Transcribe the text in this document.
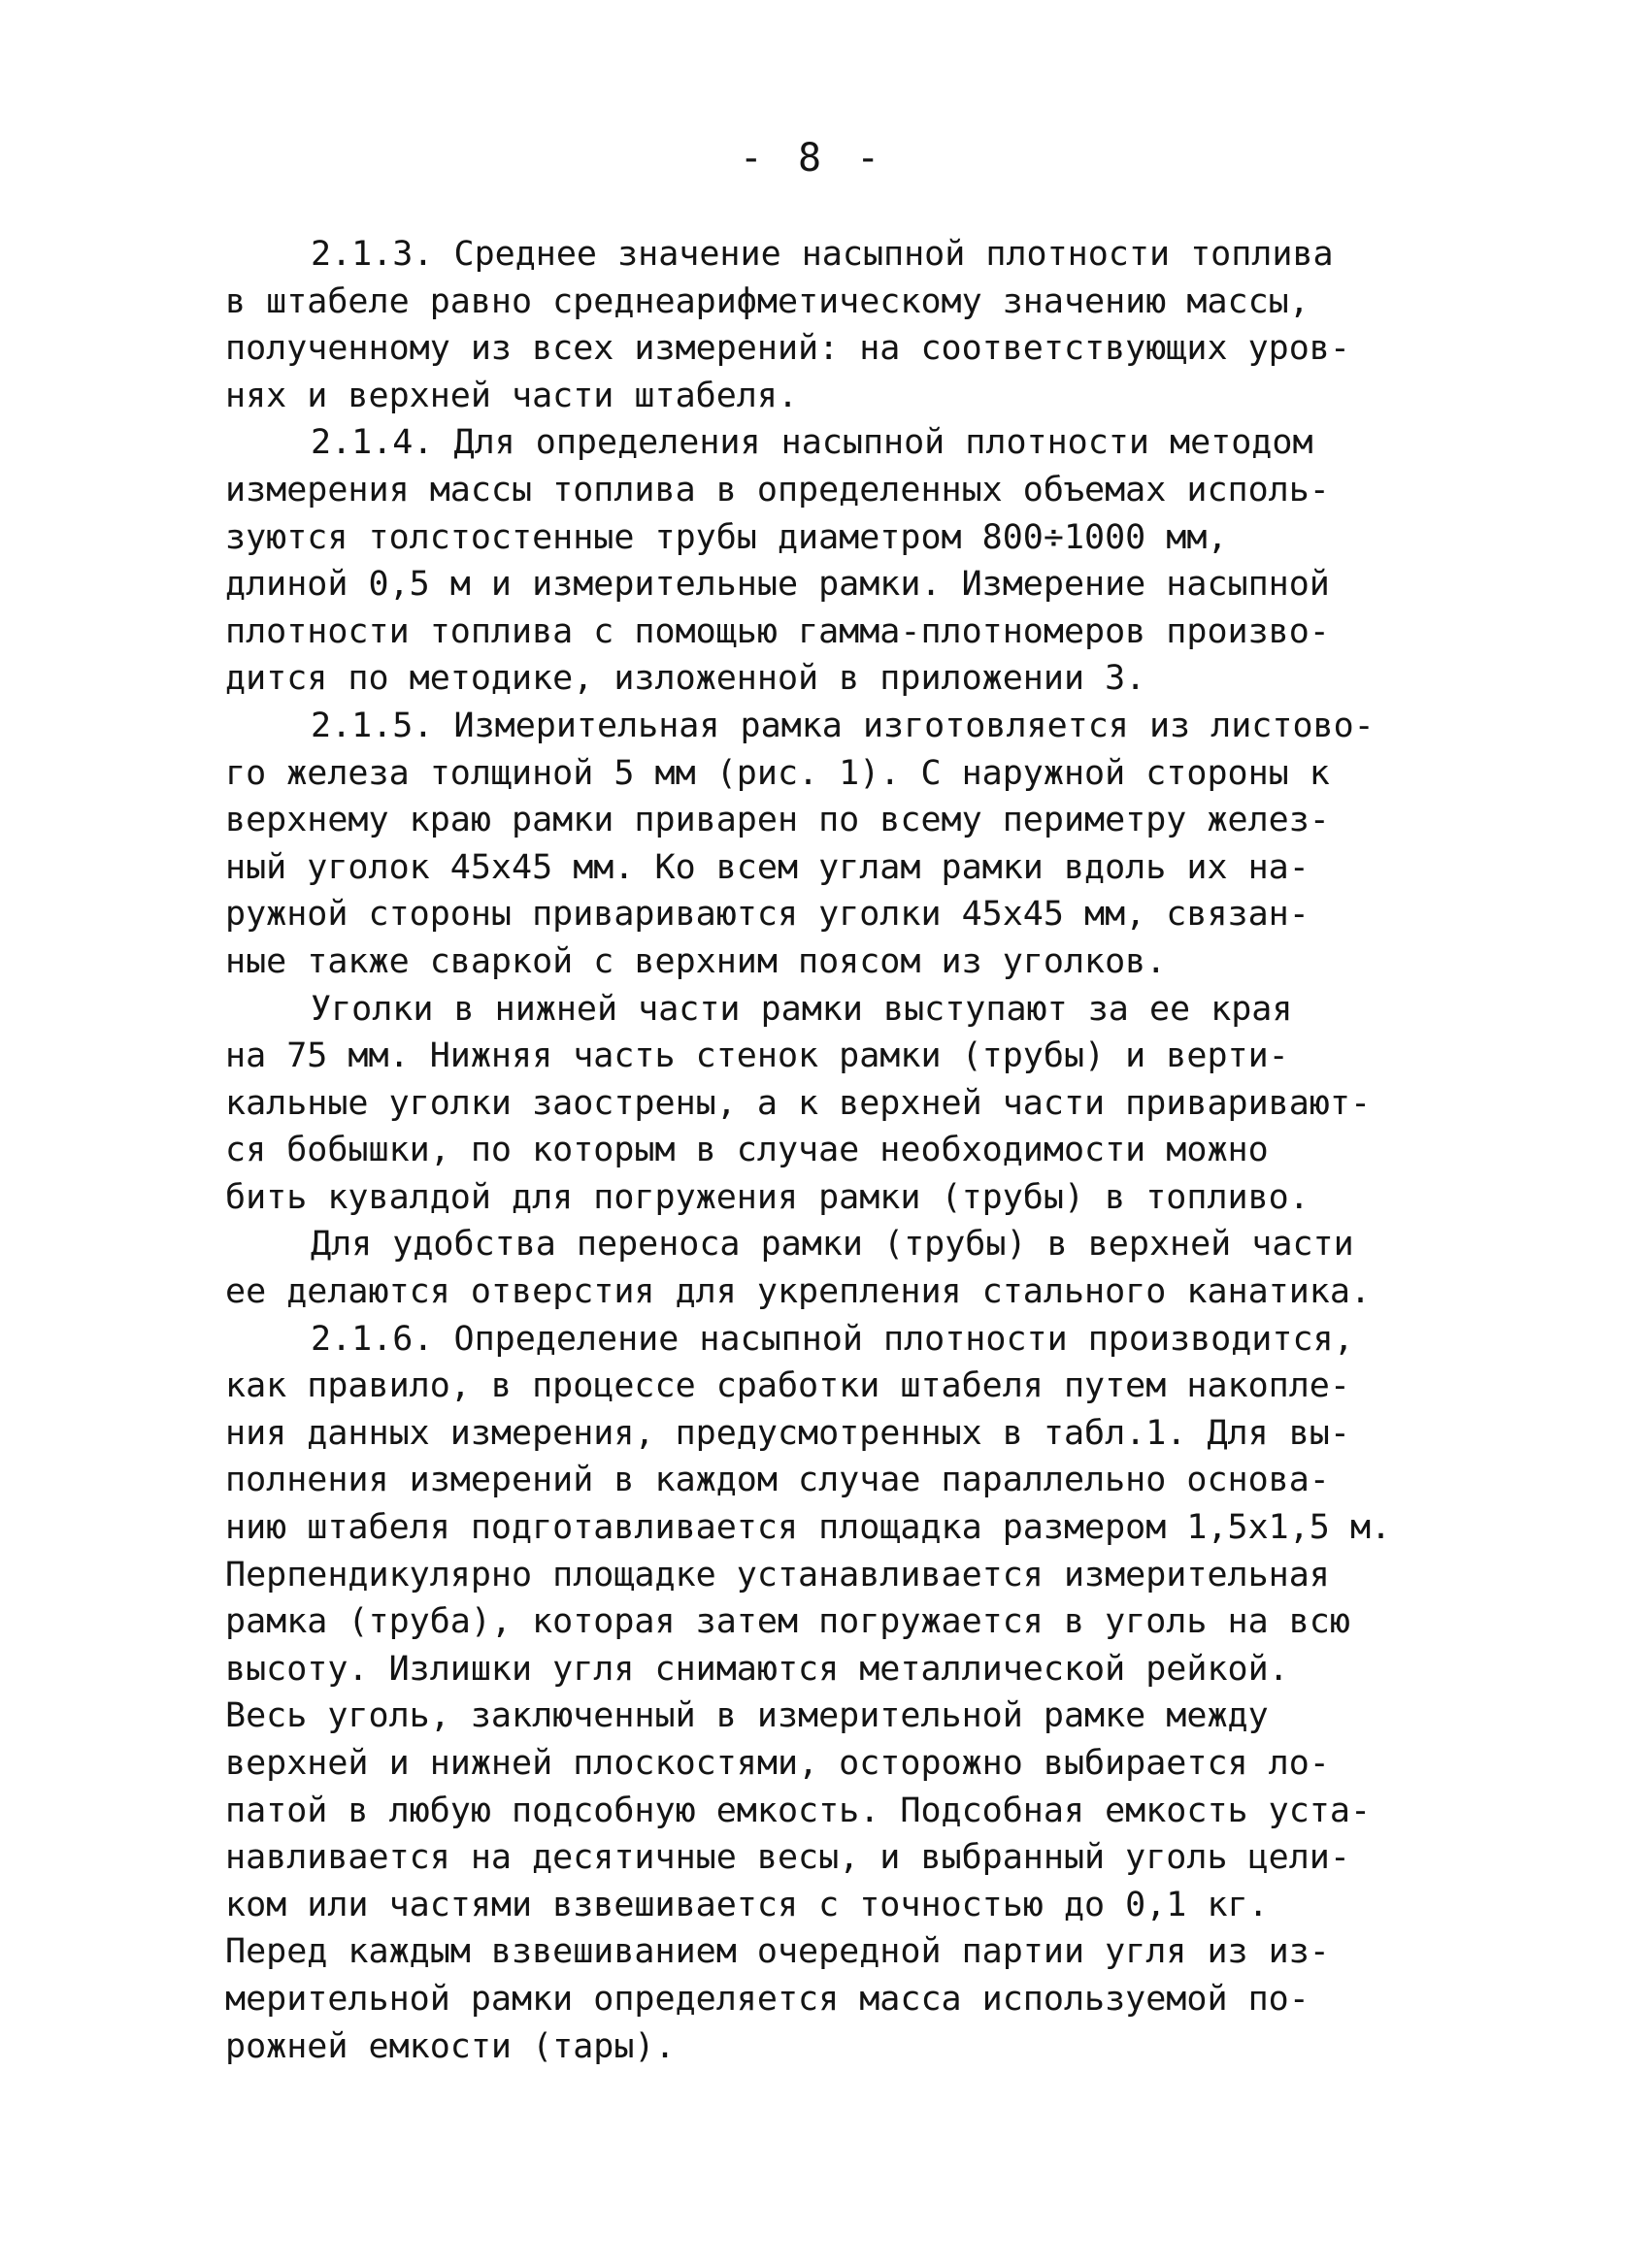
- 8 -
2.1.3. Среднее значение насыпной плотности топлива
в штабеле равно среднеарифметическому значению массы,
полученному из всех измерений: на соответствующих уров-
нях и верхней части штабеля.
2.1.4. Для определения насыпной плотности методом
измерения массы топлива в определенных объемах исполь-
зуются толстостенные трубы диаметром 800÷1000 мм,
длиной 0,5 м и измерительные рамки. Измерение насыпной
плотности топлива с помощью гамма-плотномеров произво-
дится по методике, изложенной в приложении 3.
2.1.5. Измерительная рамка изготовляется из листово-
го железа толщиной 5 мм (рис. 1). С наружной стороны к
верхнему краю рамки приварен по всему периметру желез-
ный уголок 45х45 мм. Ко всем углам рамки вдоль их на-
ружной стороны привариваются уголки 45х45 мм, связан-
ные также сваркой с верхним поясом из уголков.
Уголки в нижней части рамки выступают за ее края
на 75 мм. Нижняя часть стенок рамки (трубы) и верти-
кальные уголки заострены, а к верхней части приваривают-
ся бобышки, по которым в случае необходимости можно
бить кувалдой для погружения рамки (трубы) в топливо.
Для удобства переноса рамки (трубы) в верхней части
ее делаются отверстия для укрепления стального канатика.
2.1.6. Определение насыпной плотности производится,
как правило, в процессе сработки штабеля путем накопле-
ния данных измерения, предусмотренных в табл.1. Для вы-
полнения измерений в каждом случае параллельно основа-
нию штабеля подготавливается площадка размером 1,5х1,5 м.
Перпендикулярно площадке устанавливается измерительная
рамка (труба), которая затем погружается в уголь на всю
высоту. Излишки угля снимаются металлической рейкой.
Весь уголь, заключенный в измерительной рамке между
верхней и нижней плоскостями, осторожно выбирается ло-
патой в любую подсобную емкость. Подсобная емкость уста-
навливается на десятичные весы, и выбранный уголь цели-
ком или частями взвешивается с точностью до 0,1 кг.
Перед каждым взвешиванием очередной партии угля из из-
мерительной рамки определяется масса используемой по-
рожней емкости (тары).
